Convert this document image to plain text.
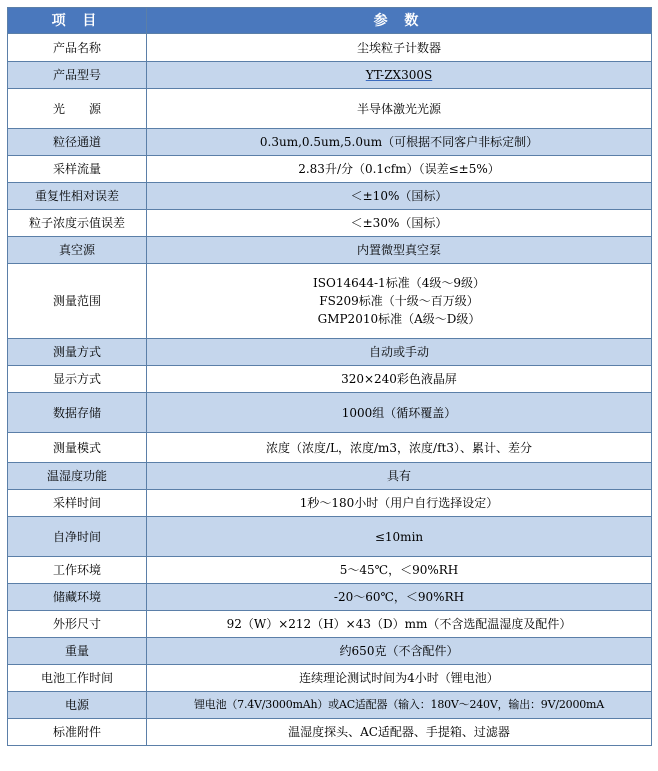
项 目	参 数
产品名称	尘埃粒子计数器
产品型号	YT-ZX300S
光　　源	半导体激光光源
粒径通道	0.3um,0.5um,5.0um（可根据不同客户非标定制）
采样流量	2.83升/分（0.1cfm）（误差≤±5%）
重复性相对误差	＜±10%（国标）
粒子浓度示值误差	＜±30%（国标）
真空源	内置微型真空泵
测量范围	ISO14644-1标准（4级～9级）
FS209标准（十级～百万级）
GMP2010标准（A级～D级）

测量方式	自动或手动
显示方式	320×240彩色液晶屏
数据存储	1000组（循环覆盖）
测量模式	浓度（浓度/L，浓度/m3，浓度/ft3）、累计、差分
温湿度功能	具有
采样时间	1秒～180小时（用户自行选择设定）
自净时间	≤10min
工作环境	5～45℃，＜90%RH
储藏环境	-20～60℃，＜90%RH
外形尺寸	92（W）×212（H）×43（D）mm（不含选配温湿度及配件）
重量	约650克（不含配件）
电池工作时间	连续理论测试时间为4小时（锂电池）
电源	锂电池（7.4V/3000mAh）或AC适配器（输入：180V～240V，输出：9V/2000mA
标准附件	温湿度探头、AC适配器、手提箱、过滤器
